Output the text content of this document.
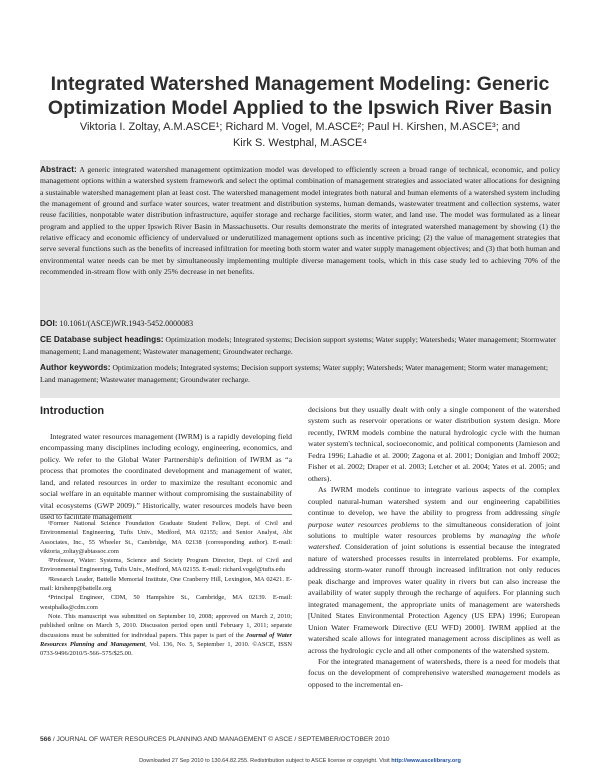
Integrated Watershed Management Modeling: Generic Optimization Model Applied to the Ipswich River Basin
Viktoria I. Zoltay, A.M.ASCE¹; Richard M. Vogel, M.ASCE²; Paul H. Kirshen, M.ASCE³; and
Kirk S. Westphal, M.ASCE⁴
Abstract: A generic integrated watershed management optimization model was developed to efficiently screen a broad range of technical, economic, and policy management options within a watershed system framework and select the optimal combination of management strategies and associated water allocations for designing a sustainable watershed management plan at least cost. The watershed management model integrates both natural and human elements of a watershed system including the management of ground and surface water sources, water treatment and distribution systems, human demands, wastewater treatment and collection systems, water reuse facilities, nonpotable water distribution infrastructure, aquifer storage and recharge facilities, storm water, and land use. The model was formulated as a linear program and applied to the upper Ipswich River Basin in Massachusetts. Our results demonstrate the merits of integrated watershed management by showing (1) the relative efficacy and economic efficiency of undervalued or underutilized management options such as incentive pricing; (2) the value of management strategies that serve several functions such as the benefits of increased infiltration for meeting both storm water and water supply management objectives; and (3) that both human and environmental water needs can be met by simultaneously implementing multiple diverse management tools, which in this case study led to achieving 70% of the recommended in-stream flow with only 25% decrease in net benefits.
DOI: 10.1061/(ASCE)WR.1943-5452.0000083
CE Database subject headings: Optimization models; Integrated systems; Decision support systems; Water supply; Watersheds; Water management; Stormwater management; Land management; Wastewater management; Groundwater recharge.
Author keywords: Optimization models; Integrated systems; Decision support systems; Water supply; Watersheds; Water management; Storm water management; Land management; Wastewater management; Groundwater recharge.
Introduction

Integrated water resources management (IWRM) is a rapidly developing field encompassing many disciplines including ecology, engineering, economics, and policy. We refer to the Global Water Partnership's definition of IWRM as “a process that promotes the coordinated development and management of water, land, and related resources in order to maximize the resultant economic and social welfare in an equitable manner without compromising the sustainability of vital ecosystems (GWP 2009).” Historically, water resources models have been used to facilitate management

¹Former National Science Foundation Graduate Student Fellow, Dept. of Civil and Environmental Engineering, Tufts Univ., Medford, MA 02155; and Senior Analyst, Abt Associates, Inc., 55 Wheeler St., Cambridge, MA 02138 (corresponding author). E-mail: viktoria_zoltay@abtassoc.com

²Professor, Water: Systems, Science and Society Program Director, Dept. of Civil and Environmental Engineering, Tufts Univ., Medford, MA 02155. E-mail: richard.vogel@tufts.edu

³Research Leader, Battelle Memorial Institute, One Cranberry Hill, Lexington, MA 02421. E-mail: kirshenp@battelle.org

⁴Principal Engineer, CDM, 50 Hampshire St., Cambridge, MA 02139. E-mail: westphalks@cdm.com

Note. This manuscript was submitted on September 10, 2008; approved on March 2, 2010; published online on March 5, 2010. Discussion period open until February 1, 2011; separate discussions must be submitted for individual papers. This paper is part of the Journal of Water Resources Planning and Management, Vol. 136, No. 5, September 1, 2010. ©ASCE, ISSN 0733-9496/2010/5-566–575/$25.00.

decisions but they usually dealt with only a single component of the watershed system such as reservoir operations or water distribution system design. More recently, IWRM models combine the natural hydrologic cycle with the human water system's technical, socioeconomic, and political components (Jamieson and Fedra 1996; Lahadie et al. 2000; Zagona et al. 2001; Donigian and Imhoff 2002; Fisher et al. 2002; Draper et al. 2003; Letcher et al. 2004; Yates et al. 2005; and others).

As IWRM models continue to integrate various aspects of the complex coupled natural-human watershed system and our engineering capabilities continue to develop, we have the ability to progress from addressing single purpose water resources problems to the simultaneous consideration of joint solutions to multiple water resources problems by managing the whole watershed. Consideration of joint solutions is essential because the integrated nature of watershed processes results in interrelated problems. For example, addressing storm-water runoff through increased infiltration not only reduces peak discharge and improves water quality in rivers but can also increase the availability of water supply through the recharge of aquifers. For planning such integrated management, the appropriate units of management are watersheds [United States Environmental Protection Agency (US EPA) 1996; European Union Water Framework Directive (EU WFD) 2000]. IWRM applied at the watershed scale allows for integrated management across disciplines as well as across the hydrologic cycle and all other components of the watershed system.

For the integrated management of watersheds, there is a need for models that focus on the development of comprehensive watershed management models as opposed to the incremental en-

566 / JOURNAL OF WATER RESOURCES PLANNING AND MANAGEMENT © ASCE / SEPTEMBER/OCTOBER 2010
Downloaded 27 Sep 2010 to 130.64.82.255. Redistribution subject to ASCE license or copyright. Visit http://www.ascelibrary.org
